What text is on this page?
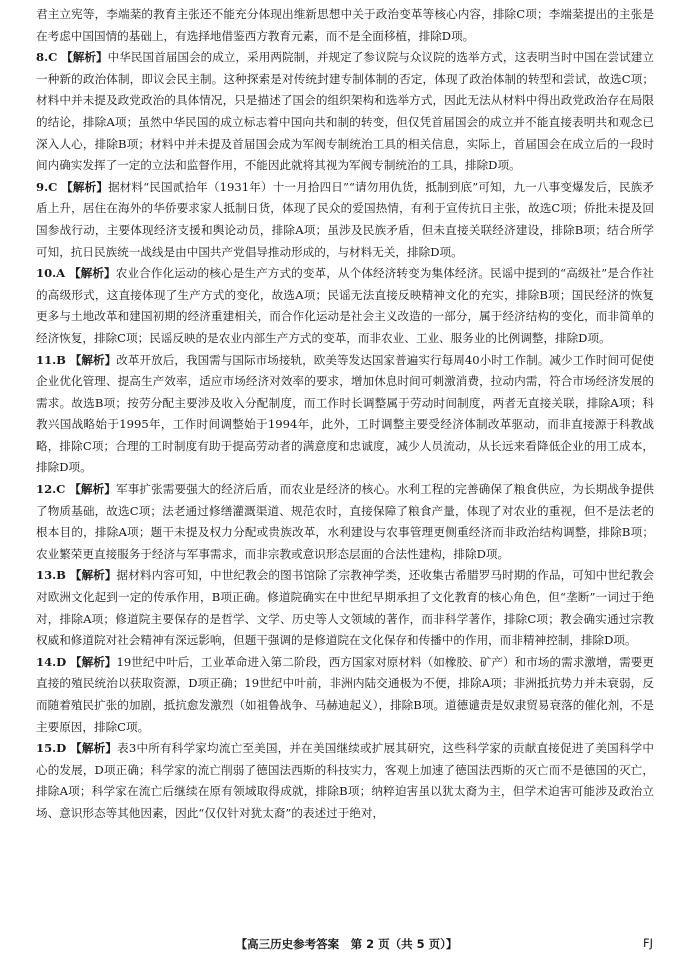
君主立宪等，李端棻的教育主张还不能充分体现出维新思想中关于政治变革等核心内容，排除C项；李端棻提出的主张是在考虑中国国情的基础上，有选择地借鉴西方教育元素，而不是全面移植，排除D项。

8.C 【解析】中华民国首届国会的成立，采用两院制，并规定了参议院与众议院的选举方式，这表明当时中国在尝试建立一种新的政治体制，即议会民主制。这种探索是对传统封建专制体制的否定，体现了政治体制的转型和尝试，故选C项；材料中并未提及政党政治的具体情况，只是描述了国会的组织架构和选举方式，因此无法从材料中得出政党政治存在局限的结论，排除A项；虽然中华民国的成立标志着中国向共和制的转变，但仅凭首届国会的成立并不能直接表明共和观念已深入人心，排除B项；材料中并未提及首届国会成为军阀专制统治工具的相关信息，实际上，首届国会在成立后的一段时间内确实发挥了一定的立法和监督作用，不能因此就将其视为军阀专制统治的工具，排除D项。

9.C 【解析】据材料“民国贰拾年（1931年）十一月拾四日”“请勿用仇货，抵制到底”可知，九一八事变爆发后，民族矛盾上升，居住在海外的华侨要求家人抵制日货，体现了民众的爱国热情，有利于宣传抗日主张，故选C项；侨批未提及回国参战行动，主要体现经济支援和舆论动员，排除A项；虽涉及民族矛盾，但未直接关联经济建设，排除B项；结合所学可知，抗日民族统一战线是由中国共产党倡导推动形成的，与材料无关，排除D项。

10.A 【解析】农业合作化运动的核心是生产方式的变革，从个体经济转变为集体经济。民谣中提到的“高级社”是合作社的高级形式，这直接体现了生产方式的变化，故选A项；民谣无法直接反映精神文化的充实，排除B项；国民经济的恢复更多与土地改革和建国初期的经济重建相关，而合作化运动是社会主义改造的一部分，属于经济结构的变化，而非简单的经济恢复，排除C项；民谣反映的是农业内部生产方式的变革，而非农业、工业、服务业的比例调整，排除D项。

11.B 【解析】改革开放后，我国需与国际市场接轨，欧美等发达国家普遍实行每周40小时工作制。减少工作时间可促使企业优化管理、提高生产效率，适应市场经济对效率的要求，增加休息时间可刺激消费，拉动内需，符合市场经济发展的需求。故选B项；按劳分配主要涉及收入分配制度，而工作时长调整属于劳动时间制度，两者无直接关联，排除A项；科教兴国战略始于1995年，工作时间调整始于1994年，此外，工时调整主要受经济体制改革驱动，而非直接源于科教战略，排除C项；合理的工时制度有助于提高劳动者的满意度和忠诚度，减少人员流动，从长远来看降低企业的用工成本，排除D项。

12.C 【解析】军事扩张需要强大的经济后盾，而农业是经济的核心。水利工程的完善确保了粮食供应，为长期战争提供了物质基础，故选C项；法老通过修缮灌溉渠道、规范农时，直接保障了粮食产量，体现了对农业的重视，但不是法老的根本目的，排除A项；题干未提及权力分配或贵族改革，水利建设与农事管理更侧重经济而非政治结构调整，排除B项；农业繁荣更直接服务于经济与军事需求，而非宗教或意识形态层面的合法性建构，排除D项。

13.B 【解析】据材料内容可知，中世纪教会的图书馆除了宗教神学类，还收集古希腊罗马时期的作品，可知中世纪教会对欧洲文化起到一定的传承作用，B项正确。修道院确实在中世纪早期承担了文化教育的核心角色，但“垄断”一词过于绝对，排除A项；修道院主要保存的是哲学、文学、历史等人文领域的著作，而非科学著作，排除C项；教会确实通过宗教权威和修道院对社会精神有深远影响，但题干强调的是修道院在文化保存和传播中的作用，而非精神控制，排除D项。

14.D 【解析】19世纪中叶后，工业革命进入第二阶段，西方国家对原材料（如橡胶、矿产）和市场的需求激增，需要更直接的殖民统治以获取资源，D项正确；19世纪中叶前，非洲内陆交通极为不便，排除A项；非洲抵抗势力并未衰弱，反而随着殖民扩张的加剧，抵抗愈发激烈（如祖鲁战争、马赫迪起义），排除B项。道德谴责是奴隶贸易衰落的催化剂，不是主要原因，排除C项。

15.D 【解析】表3中所有科学家均流亡至美国，并在美国继续或扩展其研究，这些科学家的贡献直接促进了美国科学中心的发展，D项正确；科学家的流亡削弱了德国法西斯的科技实力，客观上加速了德国法西斯的灭亡而不是德国的灭亡，排除A项；科学家在流亡后继续在原有领域取得成就，排除B项；纳粹迫害虽以犹太裔为主，但学术迫害可能涉及政治立场、意识形态等其他因素，因此“仅仅针对犹太裔”的表述过于绝对，

【高三历史参考答案　第 2 页（共 5 页）】	FJ
